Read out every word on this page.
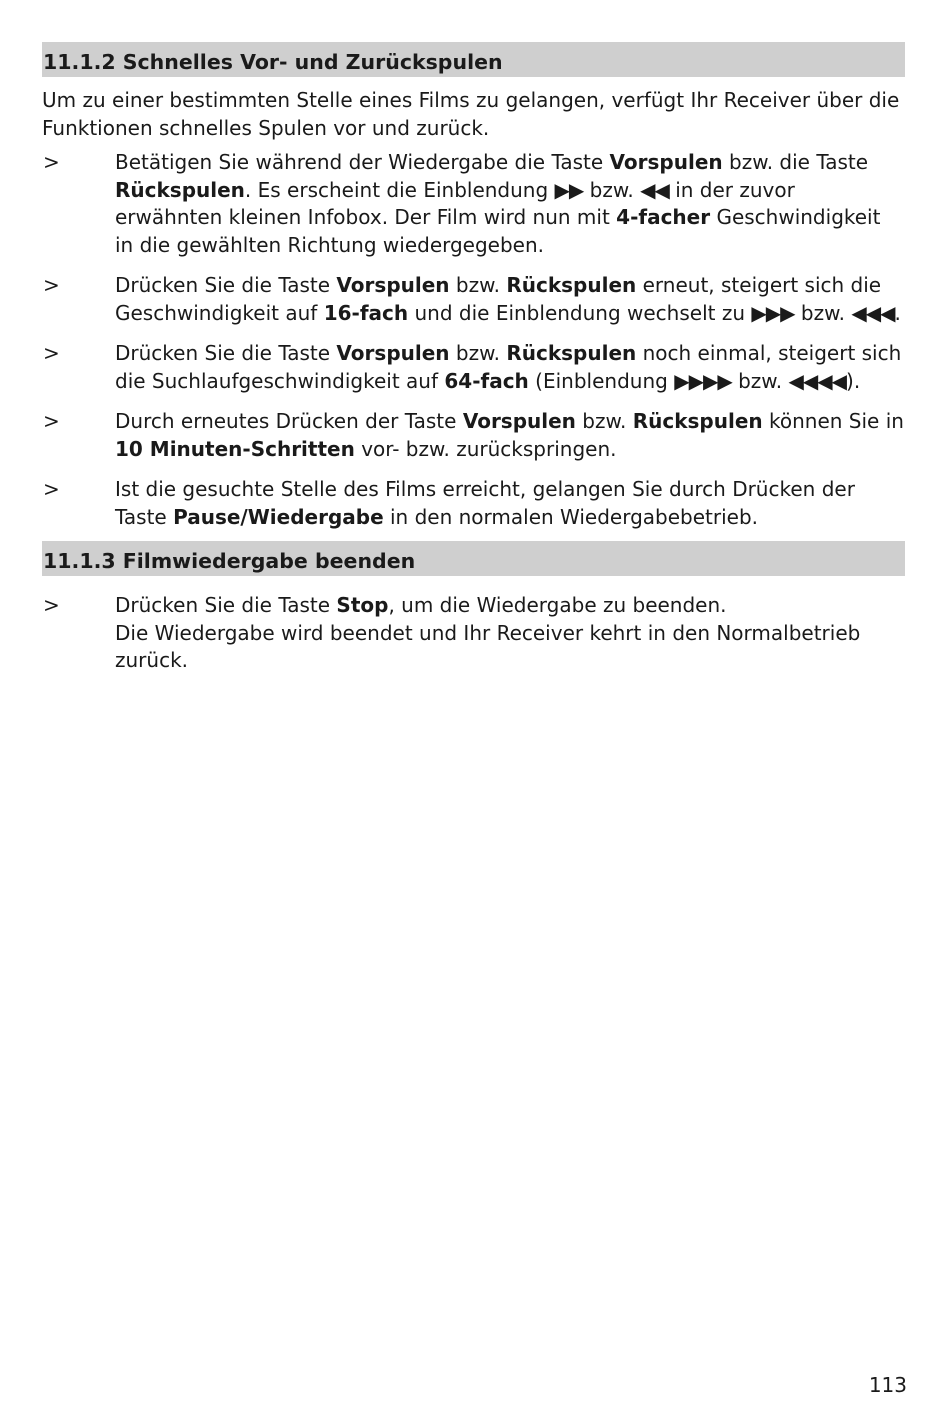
11.1.2 Schnelles Vor- und Zurückspulen

Um zu einer bestimmten Stelle eines Films zu gelangen, verfügt Ihr Receiver über die Funktionen schnelles Spulen vor und zurück.

>	Betätigen Sie während der Wiedergabe die Taste Vorspulen bzw. die Taste Rückspulen. Es erscheint die Einblendung ▶▶ bzw. ◀◀ in der zuvor erwähnten kleinen Infobox. Der Film wird nun mit 4-facher Geschwindigkeit in die gewählten Richtung wiedergegeben.
>	Drücken Sie die Taste Vorspulen bzw. Rückspulen erneut, steigert sich die Geschwindigkeit auf 16-fach und die Einblendung wechselt zu ▶▶▶ bzw. ◀◀◀.
>	Drücken Sie die Taste Vorspulen bzw. Rückspulen noch einmal, steigert sich die Suchlaufgeschwindigkeit auf 64-fach (Einblendung ▶▶▶▶ bzw. ◀◀◀◀).
>	Durch erneutes Drücken der Taste Vorspulen bzw. Rückspulen können Sie in 10 Minuten-Schritten vor- bzw. zurückspringen.
>	Ist die gesuchte Stelle des Films erreicht, gelangen Sie durch Drücken der Taste Pause/Wiedergabe in den normalen Wiedergabebetrieb.
11.1.3 Filmwiedergabe beenden
>	Drücken Sie die Taste Stop, um die Wiedergabe zu beenden.

Die Wiedergabe wird beendet und Ihr Receiver kehrt in den Normalbetrieb zurück.

113
